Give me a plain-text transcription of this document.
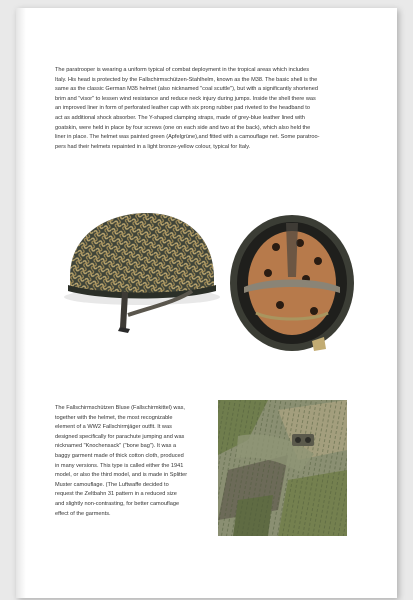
The paratrooper is wearing a uniform typical of combat deployment in the tropical areas which includes
Italy. His head is protected by the Fallschirmschützen-Stahlhelm, known as the M38. The basic shell is the
same as the classic German M35 helmet (also nicknamed "coal scuttle"), but with a significantly shortened
brim and "visor" to lessen wind resistance and reduce neck injury during jumps. Inside the shell there was
an improved liner in form of perforated leather cap with six prong rubber pad riveted to the headband to
act as additional shock absorber. The Y-shaped clamping straps, made of grey-blue leather lined with
goatskin, were held in place by four screws (one on each side and two at the back), which also held the
liner in place. The helmet was painted green (Apfelgrüne),and fitted with a camouflage net. Some paratroo-
pers had their helmets repainted in a light bronze-yellow colour, typical for Italy.

The Fallschirmschützen Bluse (Fallschirmkittel) was,
together with the helmet, the most recognizable
element of a WW2 Fallschirmjäger outfit. It was
designed specifically for parachute jumping and was
nicknamed "Knochensack" ("bone bag"). It was a
baggy garment made of thick cotton cloth, produced
in many versions. This type is called either the 1941
model, or also the third model, and is made in Splitter
Muster camouflage. (The Luftwaffe decided to
request the Zeltbahn 31 pattern in a reduced size
and slightly non-contrasting, for better camouflage
effect of the garments.
